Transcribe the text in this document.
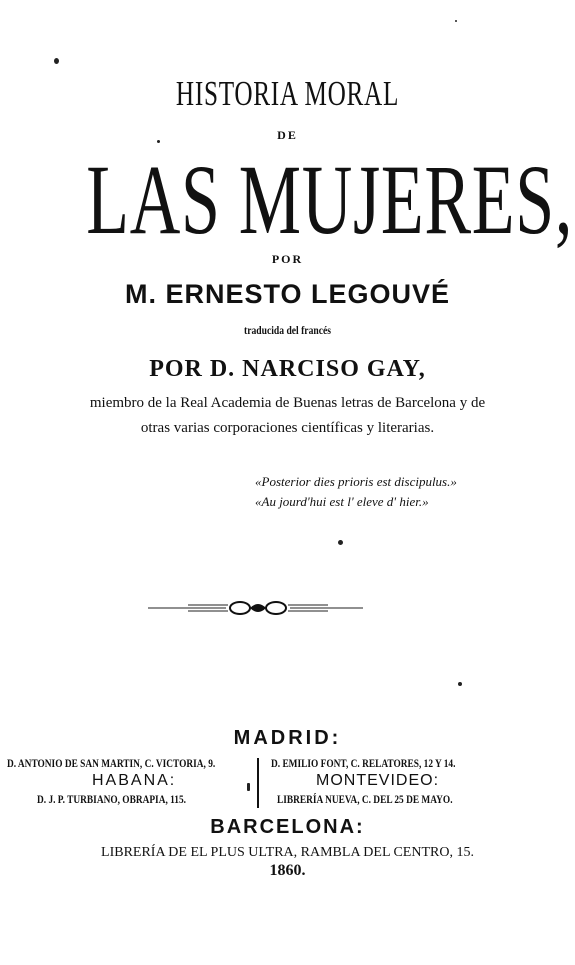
HISTORIA MORAL
DE
LAS MUJERES,
POR
M. ERNESTO LEGOUVÉ
traducida del francés
POR D. NARCISO GAY,
miembro de la Real Academia de Buenas letras de Barcelona y de
otras varias corporaciones científicas y literarias.
«Posterior dies prioris est discipulus.»
«Au jourd'hui est l' eleve d' hier.»
MADRID:
D. ANTONIO DE SAN MARTIN, C. VICTORIA, 9.
HABANA:
D. J. P. TURBIANO, OBRAPIA, 115.
D. EMILIO FONT, C. RELATORES, 12 Y 14.
MONTEVIDEO:
LIBRERÍA NUEVA, C. DEL 25 DE MAYO.
BARCELONA:
LIBRERÍA DE EL PLUS ULTRA, RAMBLA DEL CENTRO, 15.
1860.
